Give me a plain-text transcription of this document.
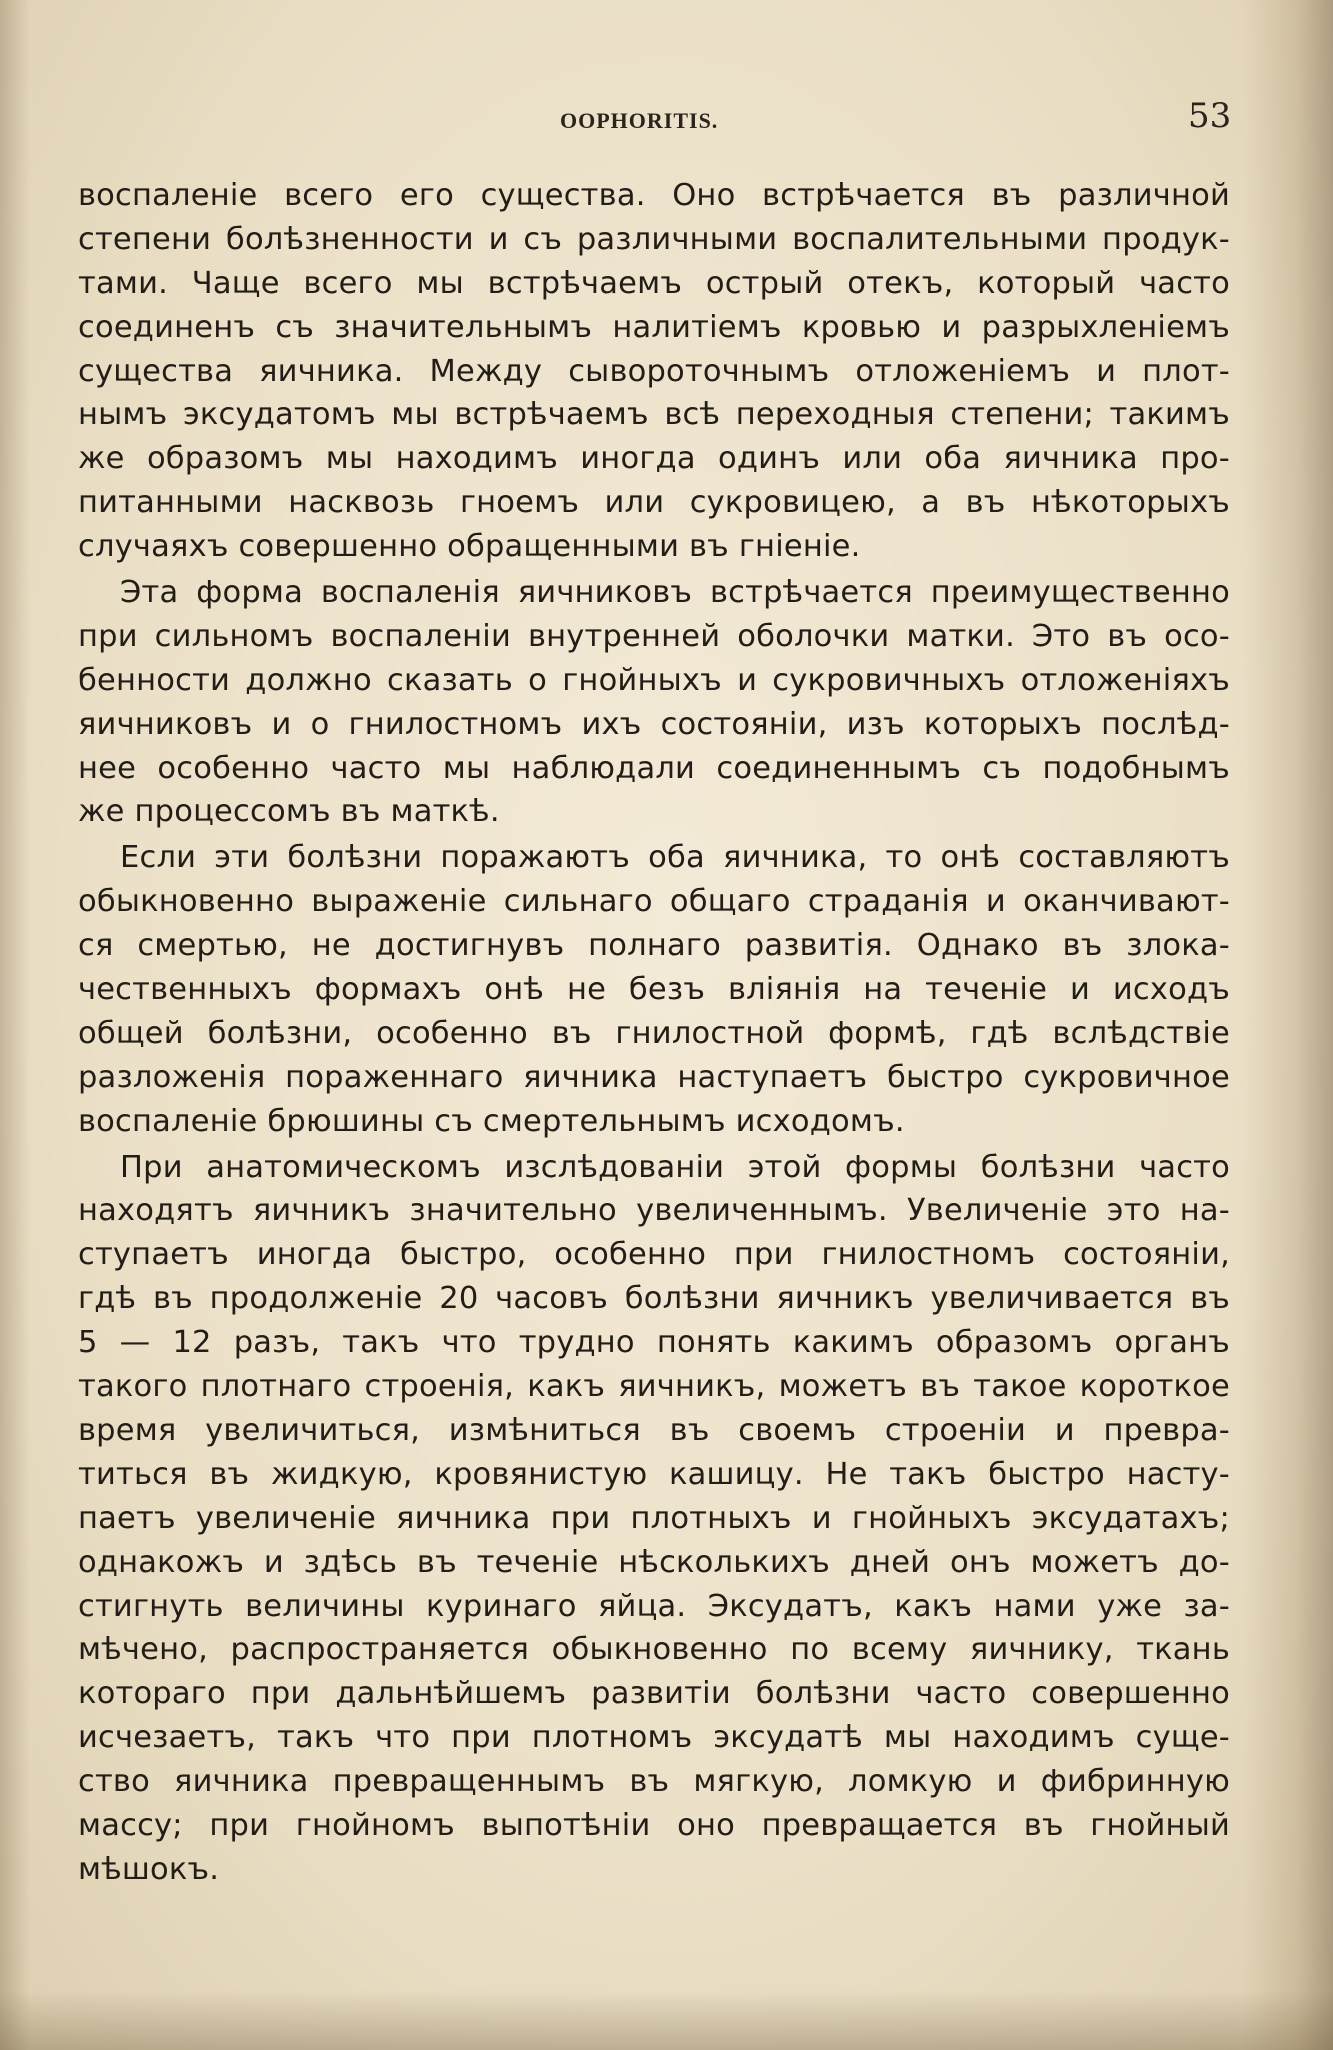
OOPHORITIS.	53
воспаленіе всего его существа. Оно встрѣчается въ различной
степени болѣзненности и съ различными воспалительными продук-
тами. Чаще всего мы встрѣчаемъ острый отекъ, который часто
соединенъ съ значительнымъ налитіемъ кровью и разрыхленіемъ
существа яичника. Между сывороточнымъ отложеніемъ и плот-
нымъ эксудатомъ мы встрѣчаемъ всѣ переходныя степени; такимъ
же образомъ мы находимъ иногда одинъ или оба яичника про-
питанными насквозь гноемъ или сукровицею, а въ нѣкоторыхъ
случаяхъ совершенно обращенными въ гніеніе.
Эта форма воспаленія яичниковъ встрѣчается преимущественно
при сильномъ воспаленіи внутренней оболочки матки. Это въ осо-
бенности должно сказать о гнойныхъ и сукровичныхъ отложеніяхъ
яичниковъ и о гнилостномъ ихъ состояніи, изъ которыхъ послѣд-
нее особенно часто мы наблюдали соединеннымъ съ подобнымъ
же процессомъ въ маткѣ.
Если эти болѣзни поражаютъ оба яичника, то онѣ составляютъ
обыкновенно выраженіе сильнаго общаго страданія и оканчивают-
ся смертью, не достигнувъ полнаго развитія. Однако въ злока-
чественныхъ формахъ онѣ не безъ вліянія на теченіе и исходъ
общей болѣзни, особенно въ гнилостной формѣ, гдѣ вслѣдствіе
разложенія пораженнаго яичника наступаетъ быстро сукровичное
воспаленіе брюшины съ смертельнымъ исходомъ.
При анатомическомъ изслѣдованіи этой формы болѣзни часто
находятъ яичникъ значительно увеличеннымъ. Увеличеніе это на-
ступаетъ иногда быстро, особенно при гнилостномъ состояніи,
гдѣ въ продолженіе 20 часовъ болѣзни яичникъ увеличивается въ
5 — 12 разъ, такъ что трудно понять какимъ образомъ органъ
такого плотнаго строенія, какъ яичникъ, можетъ въ такое короткое
время увеличиться, измѣниться въ своемъ строеніи и превра-
титься въ жидкую, кровянистую кашицу. Не такъ быстро насту-
паетъ увеличеніе яичника при плотныхъ и гнойныхъ эксудатахъ;
однакожъ и здѣсь въ теченіе нѣсколькихъ дней онъ можетъ до-
стигнуть величины куринаго яйца. Эксудатъ, какъ нами уже за-
мѣчено, распространяется обыкновенно по всему яичнику, ткань
котораго при дальнѣйшемъ развитіи болѣзни часто совершенно
исчезаетъ, такъ что при плотномъ эксудатѣ мы находимъ суще-
ство яичника превращеннымъ въ мягкую, ломкую и фибринную
массу; при гнойномъ выпотѣніи оно превращается въ гнойный
мѣшокъ.
